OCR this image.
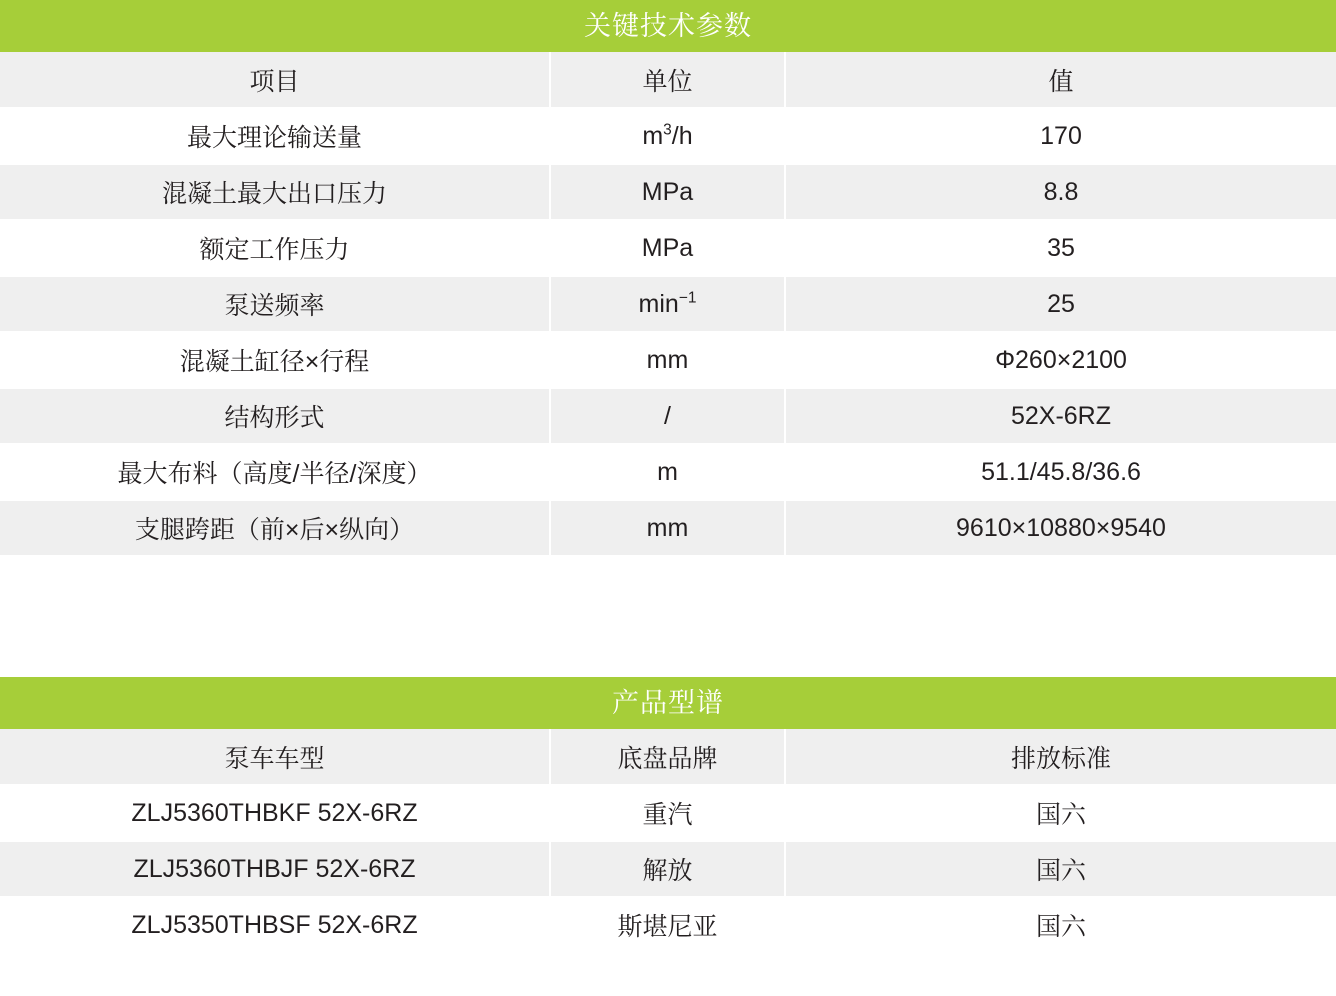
关键技术参数		
项目	单位	值
最大理论输送量	$m^3/h$	170
混凝土最大出口压力	MPa	8.8
额定工作压力	MPa	35
泵送频率	$\min^{-1}$	25
混凝土缸径×行程	mm	Φ260×2100
结构形式	/	52X-6RZ
最大布料（高度/半径/深度）	m	51.1/45.8/36.6
支腿跨距（前×后×纵向）	mm	9610×10880×9540
产品型谱		
泵车车型	底盘品牌	排放标准
ZLJ5360THBKF 52X-6RZ	重汽	国六
ZLJ5360THBJF 52X-6RZ	解放	国六
ZLJ5350THBSF 52X-6RZ	斯堪尼亚	国六
